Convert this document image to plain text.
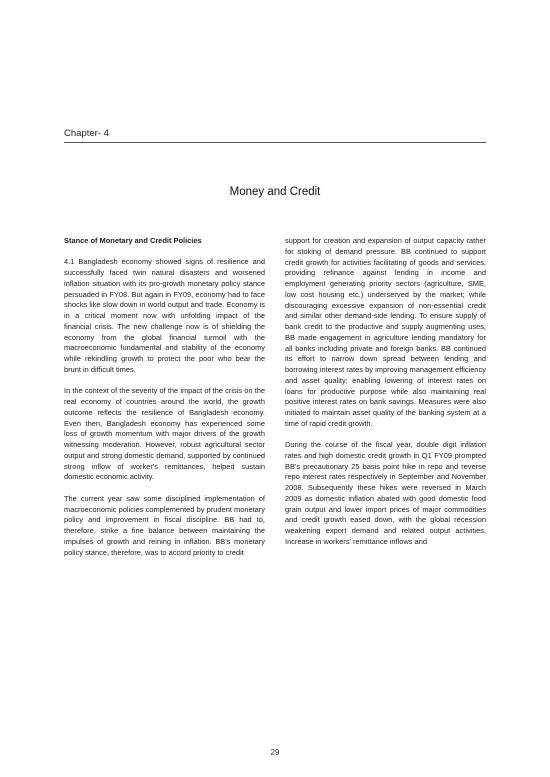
Chapter- 4
Money and Credit
Stance of Monetary and Credit Policies

4.1 Bangladesh economy showed signs of resilience and successfully faced twin natural disasters and worsened inflation situation with its pro-growth monetary policy stance persuaded in FY08. But again in FY09, economy had to face shocks like slow down in world output and trade. Economy is in a critical moment now with unfolding impact of the financial crisis. The new challenge now is of shielding the economy from the global financial turmoil with the macroeconomic fundamental and stability of the economy while rekindling growth to protect the poor who bear the brunt in difficult times.

In the context of the severity of the impact of the crisis on the real economy of countries around the world, the growth outcome reflects the resilience of Bangladesh economy. Even then, Bangladesh economy has experienced some loss of growth momentum with major drivers of the growth witnessing moderation. However, robust agricultural sector output and strong domestic demand, supported by continued strong inflow of worker's remittances, helped sustain domestic economic activity.

The current year saw some disciplined implementation of macroeconomic policies complemented by prudent monetary policy and improvement in fiscal discipline. BB had to, therefore, strike a fine balance between maintaining the impulses of growth and reining in inflation. BB's monetary policy stance, therefore, was to accord priority to credit

support for creation and expansion of output capacity rather for stoking of demand pressure. BB continued to support credit growth for activities facilitating of goods and services, providing refinance against lending in income and employment generating priority sectors (agriculture, SME, low cost housing etc.) underserved by the market; while discouraging excessive expansion of non-essential credit and similar other demand-side lending. To ensure supply of bank credit to the productive and supply augmenting uses, BB made engagement in agriculture lending mandatory for all banks including private and foreign banks. BB continued its effort to narrow down spread between lending and borrowing interest rates by improving management efficiency and asset quality; enabling lowering of interest rates on loans for productive purpose while also maintaining real positive interest rates on bank savings. Measures were also initiated to maintain asset quality of the banking system at a time of rapid credit growth.

During the course of the fiscal year, double digit inflation rates and high domestic credit growth in Q1 FY09 prompted BB's precautionary 25 basis point hike in repo and reverse repo interest rates respectively in September and November 2008. Subsequently these hikes were reversed in March 2009 as domestic inflation abated with good domestic food grain output and lower import prices of major commodities and credit growth eased down, with the global recession weakening export demand and related output activities. Increase in workers' remittance inflows and

29
